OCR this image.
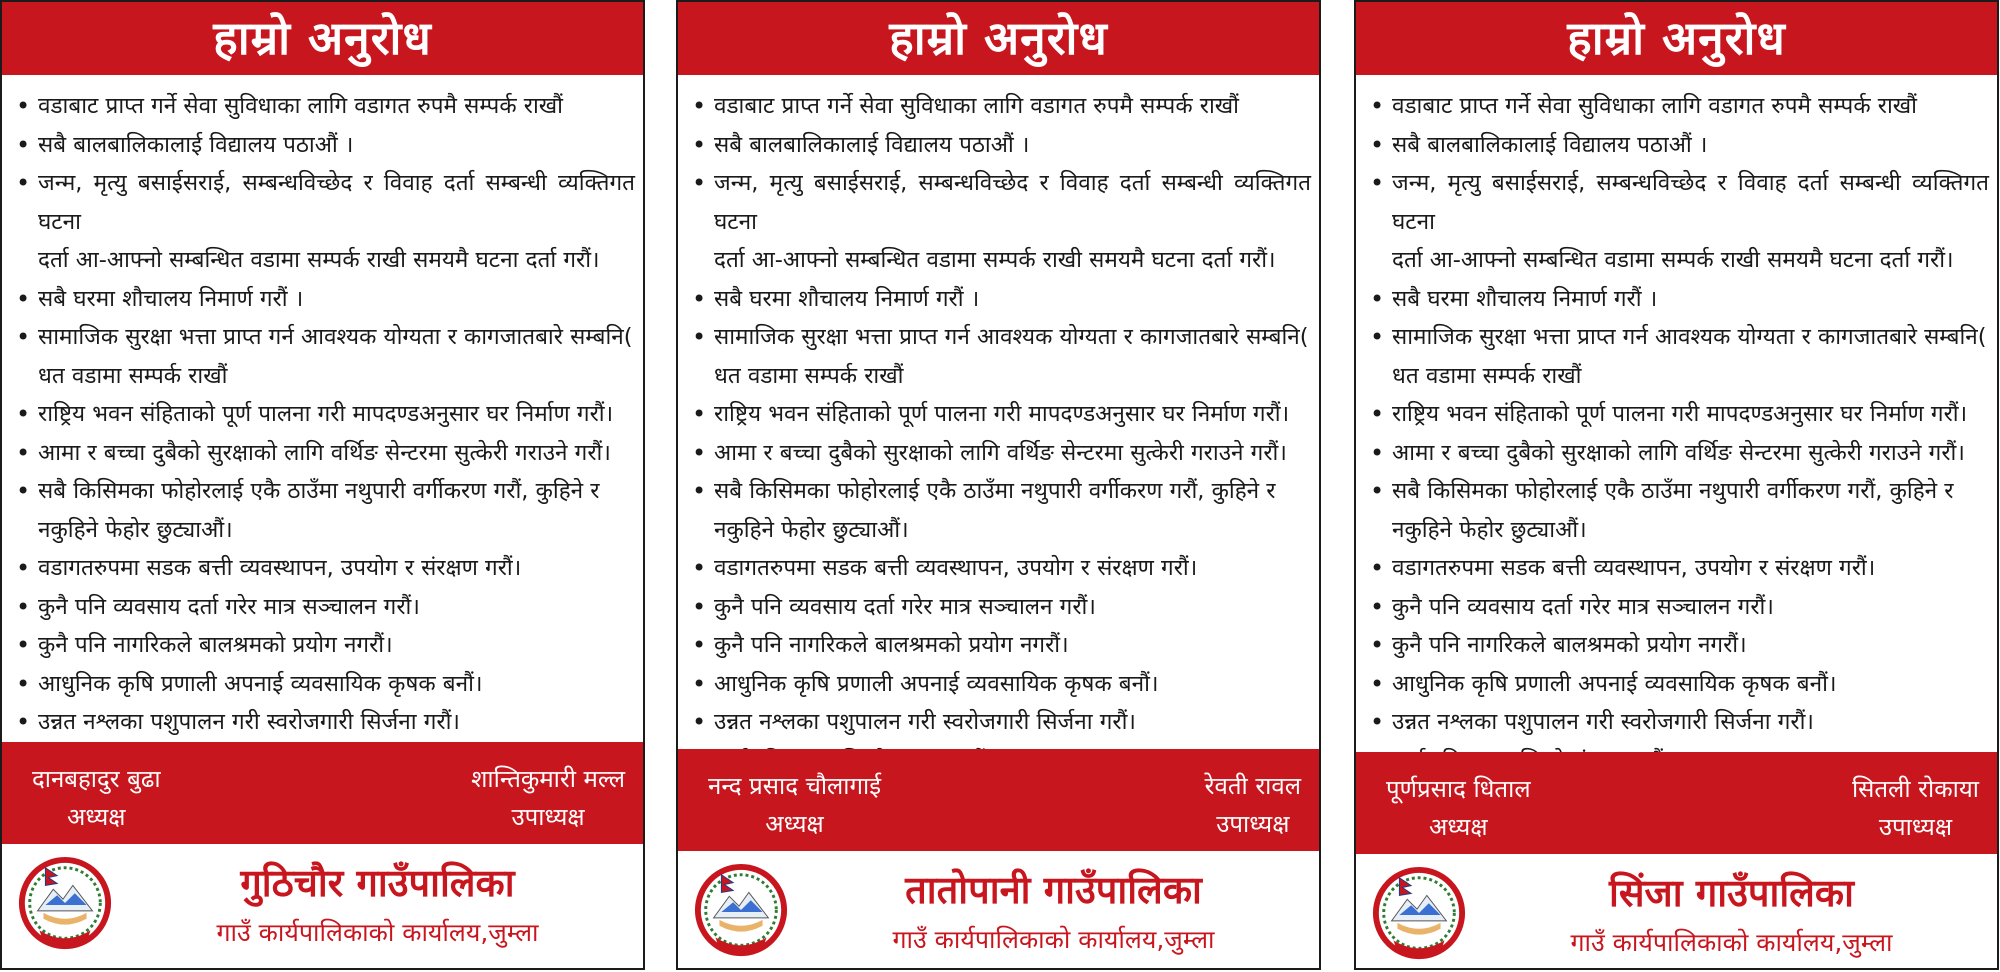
हाम्रो अनुरोध
• वडाबाट प्राप्त गर्ने सेवा सुविधाका लागि वडागत रुपमै सम्पर्क राखौं
• सबै बालबालिकालाई विद्यालय पठाऔं ।
• जन्म, मृत्यु बसाईसराई, सम्बन्धविच्छेद र विवाह दर्ता सम्बन्धी व्यक्तिगत घटना
दर्ता आ-आफ्नो सम्बन्धित वडामा सम्पर्क राखी समयमै घटना दर्ता गरौं।
• सबै घरमा शौचालय निमार्ण गरौं ।
• सामाजिक सुरक्षा भत्ता प्राप्त गर्न आवश्यक योग्यता र कागजातबारे सम्बनि(
धत वडामा सम्पर्क राखौं
• राष्ट्रिय भवन संहिताको पूर्ण पालना गरी मापदण्डअनुसार घर निर्माण गरौं।
• आमा र बच्चा दुबैको सुरक्षाको लागि वर्थिङ सेन्टरमा सुत्केरी गराउने गरौं।
• सबै किसिमका फोहोरलाई एकै ठाउँमा नथुपारी वर्गीकरण गरौं, कुहिने र
नकुहिने फेहोर छुट्याऔं।
• वडागतरुपमा सडक बत्ती व्यवस्थापन, उपयोग र संरक्षण गरौं।
• कुनै पनि व्यवसाय दर्ता गरेर मात्र सञ्चालन गरौं।
• कुनै पनि नागरिकले बालश्रमको प्रयोग नगरौं।
• आधुनिक कृषि प्रणाली अपनाई व्यवसायिक कृषक बनौं।
• उन्नत नश्लका पशुपालन गरी स्वरोजगारी सिर्जना गरौं।
•
दानबहादुर बुढा
अध्यक्ष
शान्तिकुमारी मल्ल
उपाध्यक्ष
गुठिचौर गाउँपालिका
गाउँ कार्यपालिकाको कार्यालय,जुम्ला
हाम्रो अनुरोध
• वडाबाट प्राप्त गर्ने सेवा सुविधाका लागि वडागत रुपमै सम्पर्क राखौं
• सबै बालबालिकालाई विद्यालय पठाऔं ।
• जन्म, मृत्यु बसाईसराई, सम्बन्धविच्छेद र विवाह दर्ता सम्बन्धी व्यक्तिगत घटना
दर्ता आ-आफ्नो सम्बन्धित वडामा सम्पर्क राखी समयमै घटना दर्ता गरौं।
• सबै घरमा शौचालय निमार्ण गरौं ।
• सामाजिक सुरक्षा भत्ता प्राप्त गर्न आवश्यक योग्यता र कागजातबारे सम्बनि(
धत वडामा सम्पर्क राखौं
• राष्ट्रिय भवन संहिताको पूर्ण पालना गरी मापदण्डअनुसार घर निर्माण गरौं।
• आमा र बच्चा दुबैको सुरक्षाको लागि वर्थिङ सेन्टरमा सुत्केरी गराउने गरौं।
• सबै किसिमका फोहोरलाई एकै ठाउँमा नथुपारी वर्गीकरण गरौं, कुहिने र
नकुहिने फेहोर छुट्याऔं।
• वडागतरुपमा सडक बत्ती व्यवस्थापन, उपयोग र संरक्षण गरौं।
• कुनै पनि व्यवसाय दर्ता गरेर मात्र सञ्चालन गरौं।
• कुनै पनि नागरिकले बालश्रमको प्रयोग नगरौं।
• आधुनिक कृषि प्रणाली अपनाई व्यवसायिक कृषक बनौं।
• उन्नत नश्लका पशुपालन गरी स्वरोजगारी सिर्जना गरौं।
•
नन्द प्रसाद चौलागाई
अध्यक्ष
रेवती रावल
उपाध्यक्ष
तातोपानी गाउँपालिका
गाउँ कार्यपालिकाको कार्यालय,जुम्ला
हाम्रो अनुरोध
• वडाबाट प्राप्त गर्ने सेवा सुविधाका लागि वडागत रुपमै सम्पर्क राखौं
• सबै बालबालिकालाई विद्यालय पठाऔं ।
• जन्म, मृत्यु बसाईसराई, सम्बन्धविच्छेद र विवाह दर्ता सम्बन्धी व्यक्तिगत घटना
दर्ता आ-आफ्नो सम्बन्धित वडामा सम्पर्क राखी समयमै घटना दर्ता गरौं।
• सबै घरमा शौचालय निमार्ण गरौं ।
• सामाजिक सुरक्षा भत्ता प्राप्त गर्न आवश्यक योग्यता र कागजातबारे सम्बनि(
धत वडामा सम्पर्क राखौं
• राष्ट्रिय भवन संहिताको पूर्ण पालना गरी मापदण्डअनुसार घर निर्माण गरौं।
• आमा र बच्चा दुबैको सुरक्षाको लागि वर्थिङ सेन्टरमा सुत्केरी गराउने गरौं।
• सबै किसिमका फोहोरलाई एकै ठाउँमा नथुपारी वर्गीकरण गरौं, कुहिने र
नकुहिने फेहोर छुट्याऔं।
• वडागतरुपमा सडक बत्ती व्यवस्थापन, उपयोग र संरक्षण गरौं।
• कुनै पनि व्यवसाय दर्ता गरेर मात्र सञ्चालन गरौं।
• कुनै पनि नागरिकले बालश्रमको प्रयोग नगरौं।
• आधुनिक कृषि प्रणाली अपनाई व्यवसायिक कृषक बनौं।
• उन्नत नश्लका पशुपालन गरी स्वरोजगारी सिर्जना गरौं।
•
पूर्णप्रसाद धिताल
अध्यक्ष
सितली रोकाया
उपाध्यक्ष
सिंजा गाउँपालिका
गाउँ कार्यपालिकाको कार्यालय,जुम्ला
